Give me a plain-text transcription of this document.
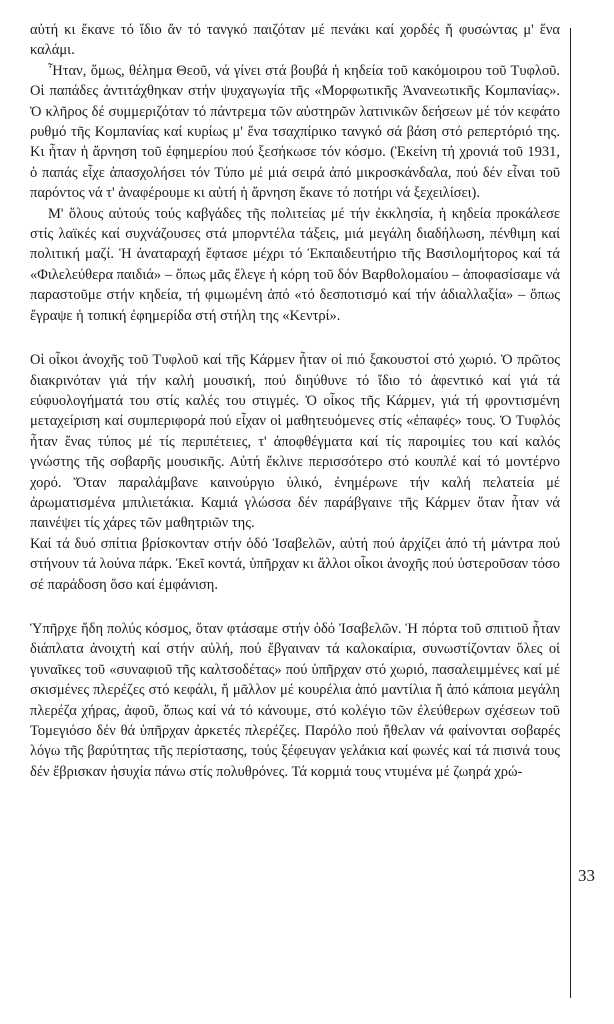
αὐτή κι ἔκανε τό ἴδιο ἄν τό τανγκό παιζόταν μέ πενάκι καί χορδές ἤ φυσώντας μ' ἕνα καλάμι.

Ἦταν, ὅμως, θέλημα Θεοῦ, νά γίνει στά βουβά ἡ κηδεία τοῦ κακόμοιρου τοῦ Τυφλοῦ. Οἱ παπάδες ἀντιτάχθηκαν στήν ψυχαγωγία τῆς «Μορφωτικῆς Ἀνανεωτικῆς Κομπανίας». Ὁ κλῆρος δέ συμμεριζόταν τό πάντρεμα τῶν αὐστηρῶν λατινικῶν δεήσεων μέ τόν κεφάτο ρυθμό τῆς Κομπανίας καί κυρίως μ' ἕνα τσαχπίρικο τανγκό σά βάση στό ρεπερτόριό της. Κι ἦταν ἡ ἄρνηση τοῦ ἐφημερίου πού ξεσήκωσε τόν κόσμο. (Ἐκείνη τή χρονιά τοῦ 1931, ὁ παπάς εἶχε ἀπασχολήσει τόν Τύπο μέ μιά σειρά ἀπό μικροσκάνδαλα, πού δέν εἶναι τοῦ παρόντος νά τ' ἀναφέρουμε κι αὐτή ἡ ἄρνηση ἔκανε τό ποτήρι νά ξεχειλίσει).

Μ' ὅλους αὐτούς τούς καβγάδες τῆς πολιτείας μέ τήν ἐκκλησία, ἡ κηδεία προκάλεσε στίς λαϊκές καί συχνάζουσες στά μπορντέλα τάξεις, μιά μεγάλη διαδήλωση, πένθιμη καί πολιτική μαζί. Ἡ ἀναταραχή ἔφτασε μέχρι τό Ἐκπαιδευτήριο τῆς Βασιλομήτορος καί τά «Φιλελεύθερα παιδιά» – ὅπως μᾶς ἔλεγε ἡ κόρη τοῦ δόν Βαρθολομαίου – ἀποφασίσαμε νά παραστοῦμε στήν κηδεία, τή φιμωμένη ἀπό «τό δεσποτισμό καί τήν ἀδιαλλαξία» – ὅπως ἔγραψε ἡ τοπική ἐφημερίδα στή στήλη της «Κεντρί».

Οἱ οἶκοι ἀνοχῆς τοῦ Τυφλοῦ καί τῆς Κάρμεν ἦταν οἱ πιό ξακουστοί στό χωριό. Ὁ πρῶτος διακρινόταν γιά τήν καλή μουσική, πού διηύθυνε τό ἴδιο τό ἀφεντικό καί γιά τά εὐφυολογήματά του στίς καλές του στιγμές. Ὁ οἶκος τῆς Κάρμεν, γιά τή φροντισμένη μεταχείριση καί συμπεριφορά πού εἶχαν οἱ μαθητευόμενες στίς «ἐπαφές» τους. Ὁ Τυφλός ἦταν ἕνας τύπος μέ τίς περιπέτειες, τ' ἀποφθέγματα καί τίς παροιμίες του καί καλός γνώστης τῆς σοβαρῆς μουσικῆς. Αὐτή ἔκλινε περισσότερο στό κουπλέ καί τό μοντέρνο χορό. Ὅταν παραλάμβανε καινούργιο ὑλικό, ἐνημέρωνε τήν καλή πελατεία μέ ἀρωματισμένα μπιλιετάκια. Καμιά γλώσσα δέν παράβγαινε τῆς Κάρμεν ὅταν ἦταν νά παινέψει τίς χάρες τῶν μαθητριῶν της.

Καί τά δυό σπίτια βρίσκονταν στήν ὁδό Ἰσαβελῶν, αὐτή πού ἀρχίζει ἀπό τή μάντρα πού στήνουν τά λούνα πάρκ. Ἐκεῖ κοντά, ὑπῆρχαν κι ἄλλοι οἶκοι ἀνοχῆς πού ὑστεροῦσαν τόσο σέ παράδοση ὅσο καί ἐμφάνιση.

Ὑπῆρχε ἤδη πολύς κόσμος, ὅταν φτάσαμε στήν ὁδό Ἰσαβελῶν. Ἡ πόρτα τοῦ σπιτιοῦ ἦταν διάπλατα ἀνοιχτή καί στήν αὐλή, πού ἔβγαιναν τά καλοκαίρια, συνωστίζονταν ὅλες οἱ γυναῖκες τοῦ «συναφιοῦ τῆς καλτσοδέτας» πού ὑπῆρχαν στό χωριό, πασαλειμμένες καί μέ σκισμένες πλερέζες στό κεφάλι, ἤ μᾶλλον μέ κουρέλια ἀπό μαντίλια ἤ ἀπό κάποια μεγάλη πλερέζα χήρας, ἀφοῦ, ὅπως καί νά τό κάνουμε, στό κολέγιο τῶν ἐλεύθερων σχέσεων τοῦ Τομεγιόσο δέν θά ὑπῆρχαν ἀρκετές πλερέζες. Παρόλο πού ἤθελαν νά φαίνονται σοβαρές λόγω τῆς βαρύτητας τῆς περίστασης, τούς ξέφευγαν γελάκια καί φωνές καί τά πισινά τους δέν ἔβρισκαν ἡσυχία πάνω στίς πολυθρόνες. Τά κορμιά τους ντυμένα μέ ζωηρά χρώ-

33
